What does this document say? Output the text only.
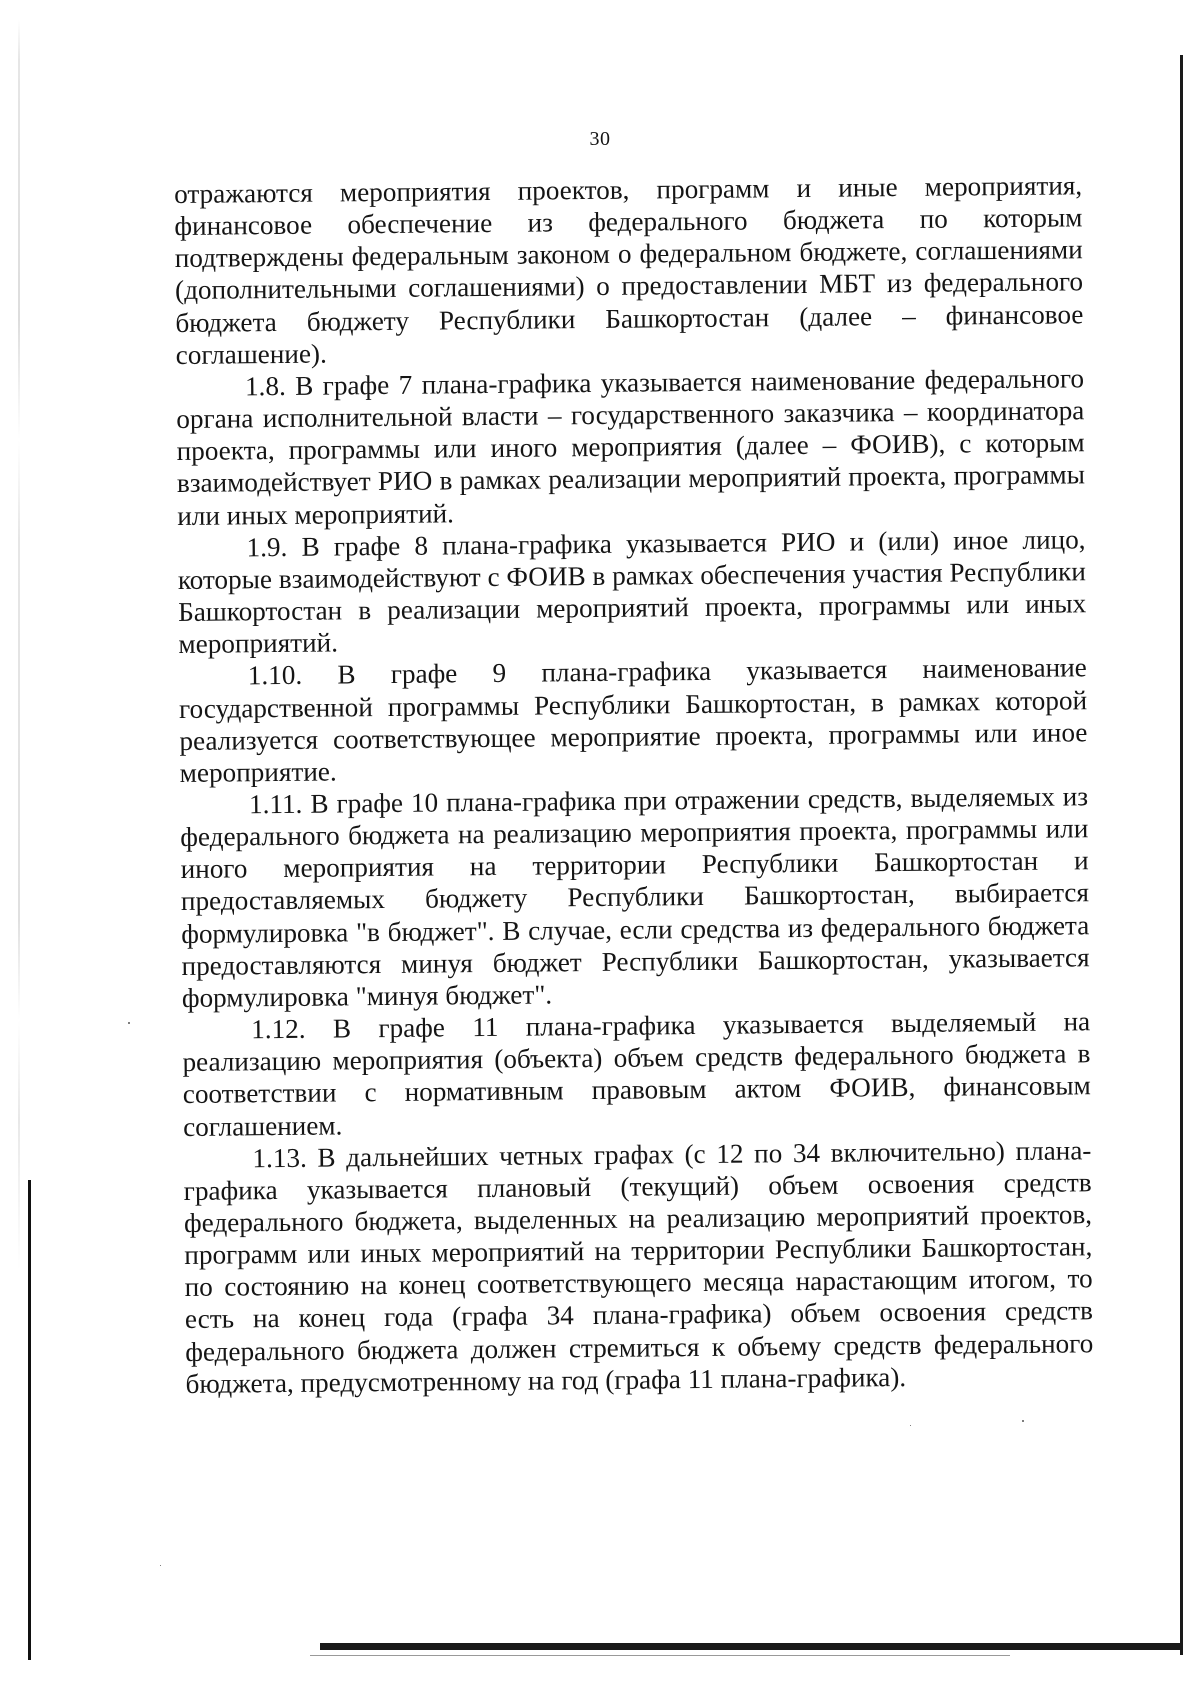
30

отражаются мероприятия проектов, программ и иные мероприятия, финансовое обеспечение из федерального бюджета по которым подтверждены федеральным законом о федеральном бюджете, соглашениями (дополнительными соглашениями) о предоставлении МБТ из федерального бюджета бюджету Республики Башкортостан (далее – финансовое соглашение).

1.8. В графе 7 плана-графика указывается наименование федерального органа исполнительной власти – государственного заказчика – координатора проекта, программы или иного мероприятия (далее – ФОИВ), с которым взаимодействует РИО в рамках реализации мероприятий проекта, программы или иных мероприятий.

1.9. В графе 8 плана-графика указывается РИО и (или) иное лицо, которые взаимодействуют с ФОИВ в рамках обеспечения участия Республики Башкортостан в реализации мероприятий проекта, программы или иных мероприятий.

1.10. В графе 9 плана-графика указывается наименование государственной программы Республики Башкортостан, в рамках которой реализуется соответствующее мероприятие проекта, программы или иное мероприятие.

1.11. В графе 10 плана-графика при отражении средств, выделяемых из федерального бюджета на реализацию мероприятия проекта, программы или иного мероприятия на территории Республики Башкортостан и предоставляемых бюджету Республики Башкортостан, выбирается формулировка "в бюджет". В случае, если средства из федерального бюджета предоставляются минуя бюджет Республики Башкортостан, указывается формулировка "минуя бюджет".

1.12. В графе 11 плана-графика указывается выделяемый на реализацию мероприятия (объекта) объем средств федерального бюджета в соответствии с нормативным правовым актом ФОИВ, финансовым соглашением.

1.13. В дальнейших четных графах (с 12 по 34 включительно) плана-графика указывается плановый (текущий) объем освоения средств федерального бюджета, выделенных на реализацию мероприятий проектов, программ или иных мероприятий на территории Республики Башкортостан, по состоянию на конец соответствующего месяца нарастающим итогом, то есть на конец года (графа 34 плана-графика) объем освоения средств федерального бюджета должен стремиться к объему средств федерального бюджета, предусмотренному на год (графа 11 плана-графика).
